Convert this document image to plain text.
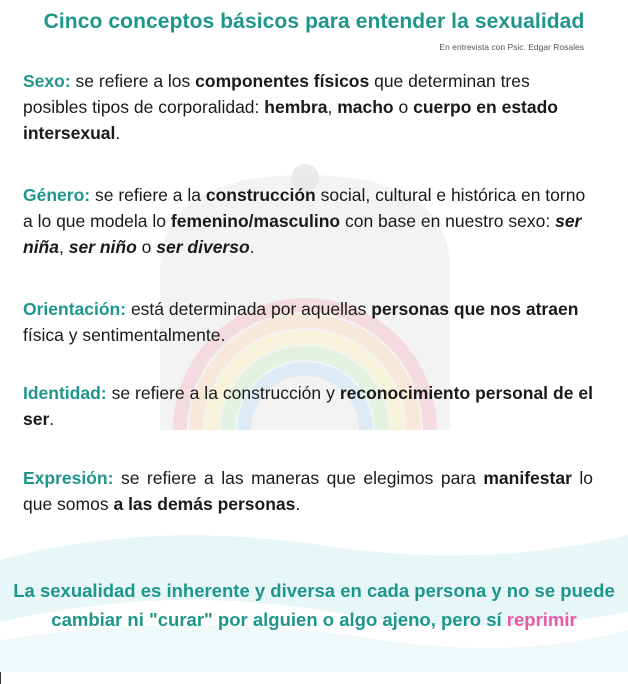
Cinco conceptos básicos para entender la sexualidad
En entrevista con Psic. Edgar Rosales
Sexo: se refiere a los componentes físicos que determinan tres posibles tipos de corporalidad: hembra, macho o cuerpo en estado intersexual.
Género: se refiere a la construcción social, cultural e histórica en torno a lo que modela lo femenino/masculino con base en nuestro sexo: ser niña, ser niño o ser diverso.
Orientación: está determinada por aquellas personas que nos atraen física y sentimentalmente.
Identidad: se refiere a la construcción y reconocimiento personal de el ser.
Expresión: se refiere a las maneras que elegimos para manifestar lo que somos a las demás personas.
La sexualidad es inherente y diversa en cada persona y no se puede cambiar ni "curar" por alguien o algo ajeno, pero sí reprimir
